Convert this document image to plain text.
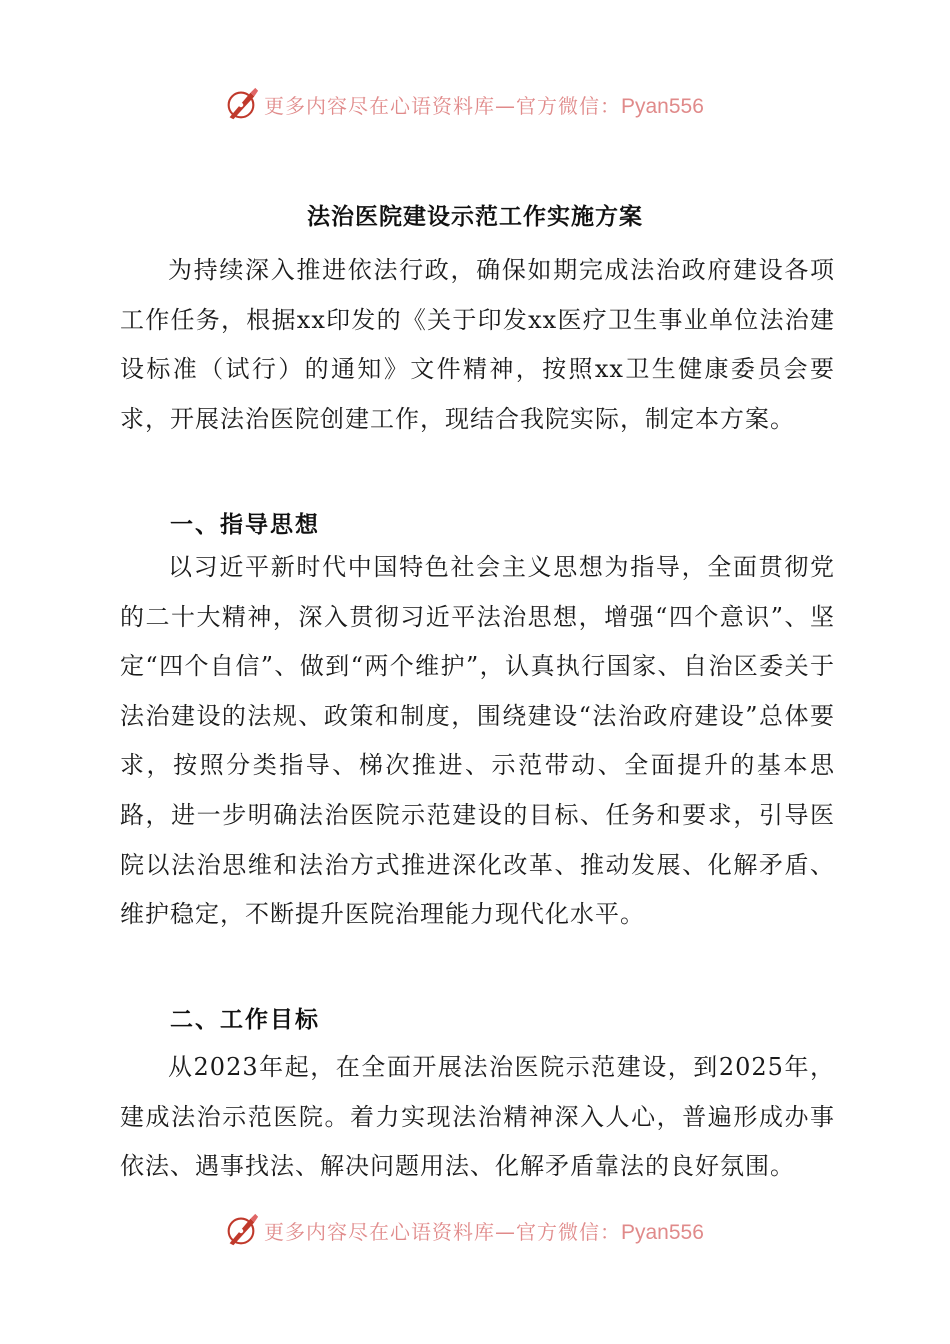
更多内容尽在心语资料库—官方微信：Pyan556
法治医院建设示范工作实施方案

为持续深入推进依法行政，确保如期完成法治政府建设各项工作任务，根据xx印发的《关于印发xx医疗卫生事业单位法治建设标准（试行）的通知》文件精神，按照xx卫生健康委员会要求，开展法治医院创建工作，现结合我院实际，制定本方案。

一、指导思想

以习近平新时代中国特色社会主义思想为指导，全面贯彻党的二十大精神，深入贯彻习近平法治思想，增强“四个意识”、坚定“四个自信”、做到“两个维护”，认真执行国家、自治区委关于法治建设的法规、政策和制度，围绕建设“法治政府建设”总体要求，按照分类指导、梯次推进、示范带动、全面提升的基本思路，进一步明确法治医院示范建设的目标、任务和要求，引导医院以法治思维和法治方式推进深化改革、推动发展、化解矛盾、维护稳定，不断提升医院治理能力现代化水平。

二、工作目标

从2023年起，在全面开展法治医院示范建设，到2025年，建成法治示范医院。着力实现法治精神深入人心，普遍形成办事依法、遇事找法、解决问题用法、化解矛盾靠法的良好氛围。

更多内容尽在心语资料库—官方微信：Pyan556
